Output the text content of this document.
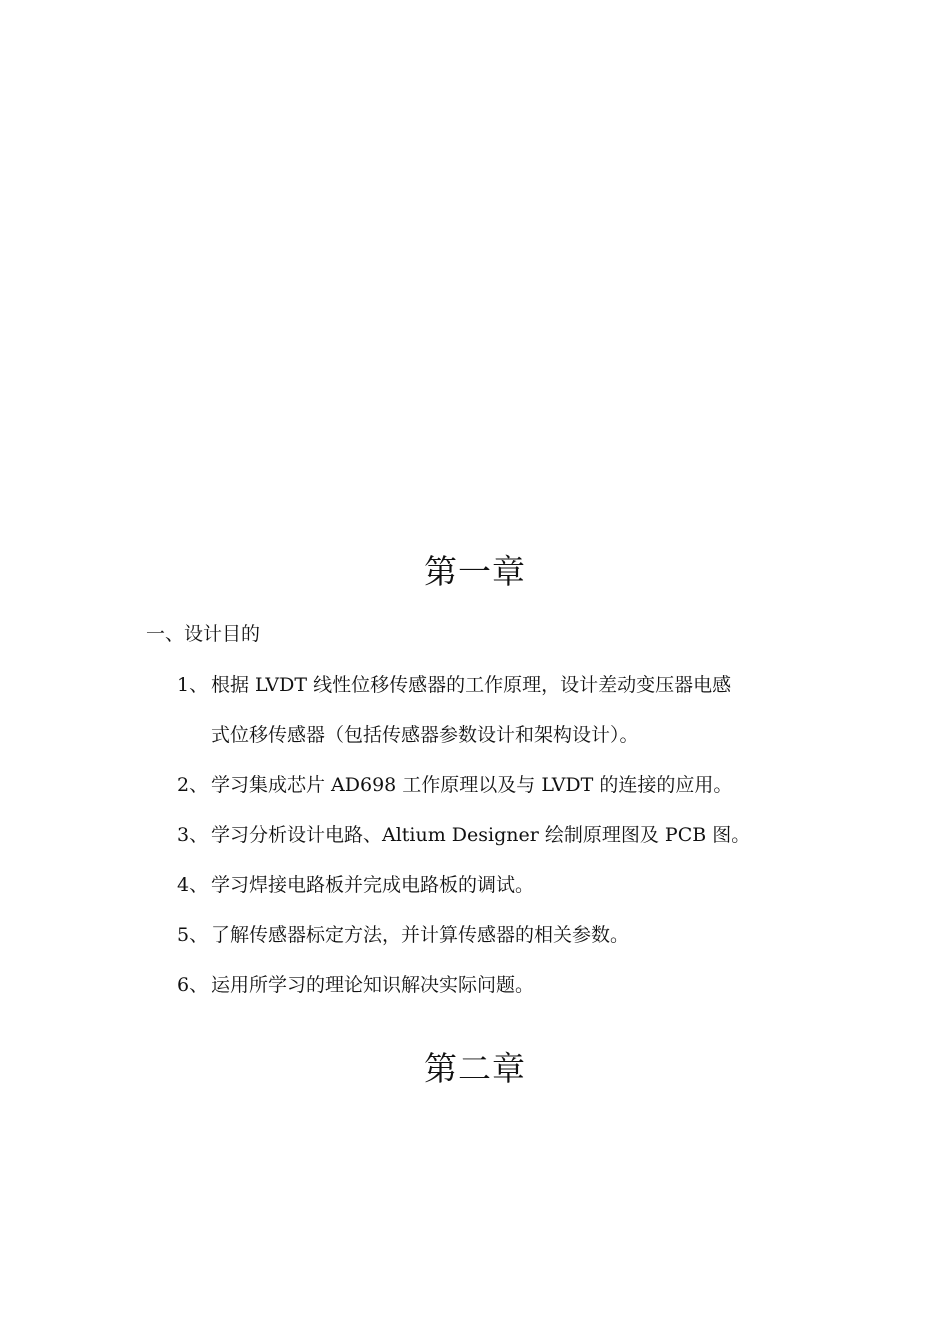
第一章
一、设计目的
1、 根据 LVDT 线性位移传感器的工作原理，设计差动变压器电感
式位移传感器（包括传感器参数设计和架构设计）。
2、 学习集成芯片 AD698 工作原理以及与 LVDT 的连接的应用。
3、 学习分析设计电路、Altium Designer 绘制原理图及 PCB 图。
4、 学习焊接电路板并完成电路板的调试。
5、 了解传感器标定方法，并计算传感器的相关参数。
6、 运用所学习的理论知识解决实际问题。
第二章
